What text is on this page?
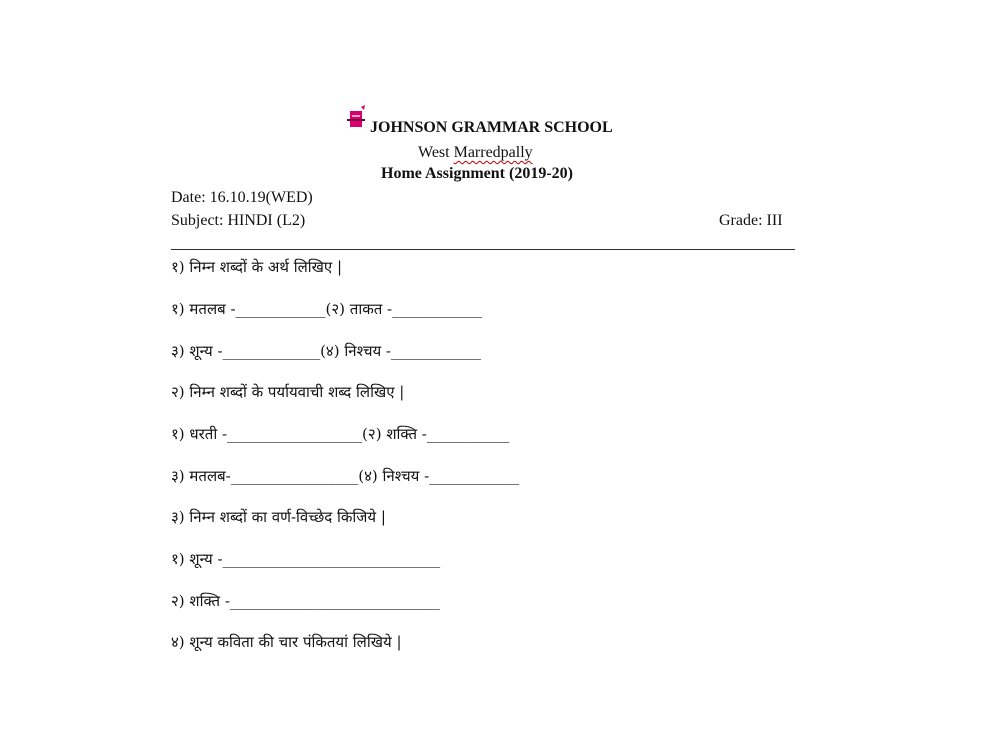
JOHNSON GRAMMAR SCHOOL
West Marredpally
Home Assignment (2019-20)
Date: 16.10.19(WED)
Subject: HINDI (L2)	Grade: III
१) निम्न शब्दों के अर्थ लिखिए |
१) मतलब -____________(२) ताकत -____________
३) शून्य -_____________(४) निश्चय -____________
२) निम्न शब्दों के पर्यायवाची शब्द लिखिए |
१) धरती -__________________(२) शक्ति -___________
३) मतलब-_________________(४) निश्चय -____________
३) निम्न शब्दों का वर्ण-विच्छेद किजिये |
१) शून्य -_____________________________
२) शक्ति -____________________________
४) शून्य कविता की चार पंकितयां लिखिये |
